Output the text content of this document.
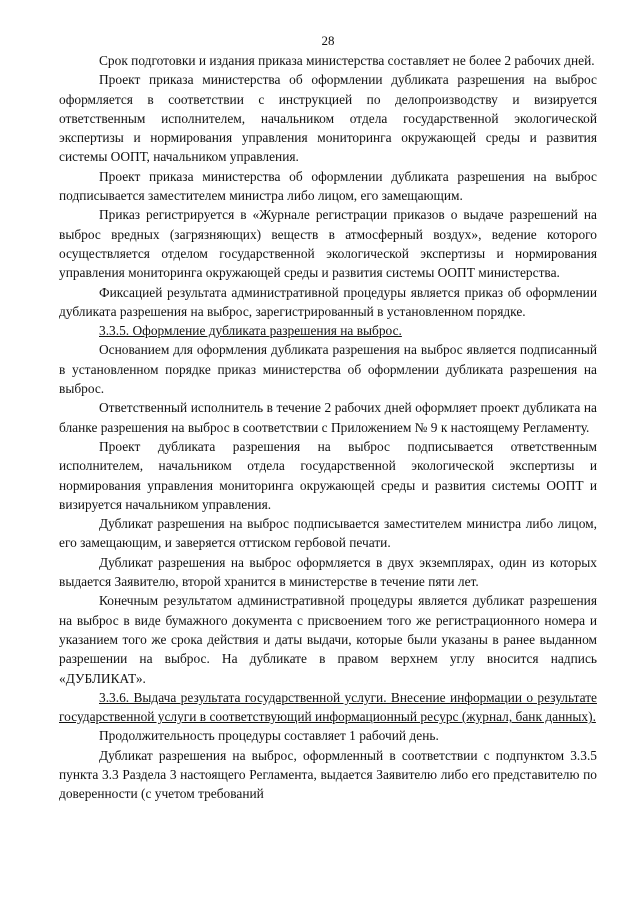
28

Срок подготовки и издания приказа министерства составляет не более 2 рабочих дней.

Проект приказа министерства об оформлении дубликата разрешения на выброс оформляется в соответствии с инструкцией по делопроизводству и визируется ответственным исполнителем, начальником отдела государственной экологической экспертизы и нормирования управления мониторинга окружающей среды и развития системы ООПТ, начальником управления.

Проект приказа министерства об оформлении дубликата разрешения на выброс подписывается заместителем министра либо лицом, его замещающим.

Приказ регистрируется в «Журнале регистрации приказов о выдаче разрешений на выброс вредных (загрязняющих) веществ в атмосферный воздух», ведение которого осуществляется отделом государственной экологической экспертизы и нормирования управления мониторинга окружающей среды и развития системы ООПТ министерства.

Фиксацией результата административной процедуры является приказ об оформлении дубликата разрешения на выброс, зарегистрированный в установленном порядке.

3.3.5. Оформление дубликата разрешения на выброс.

Основанием для оформления дубликата разрешения на выброс является подписанный в установленном порядке приказ министерства об оформлении дубликата разрешения на выброс.

Ответственный исполнитель в течение 2 рабочих дней оформляет проект дубликата на бланке разрешения на выброс в соответствии с Приложением № 9 к настоящему Регламенту.

Проект дубликата разрешения на выброс подписывается ответственным исполнителем, начальником отдела государственной экологической экспертизы и нормирования управления мониторинга окружающей среды и развития системы ООПТ и визируется начальником управления.

Дубликат разрешения на выброс подписывается заместителем министра либо лицом, его замещающим, и заверяется оттиском гербовой печати.

Дубликат разрешения на выброс оформляется в двух экземплярах, один из которых выдается Заявителю, второй хранится в министерстве в течение пяти лет.

Конечным результатом административной процедуры является дубликат разрешения на выброс в виде бумажного документа с присвоением того же регистрационного номера и указанием того же срока действия и даты выдачи, которые были указаны в ранее выданном разрешении на выброс. На дубликате в правом верхнем углу вносится надпись «ДУБЛИКАТ».

3.3.6. Выдача результата государственной услуги. Внесение информации о результате государственной услуги в соответствующий информационный ресурс (журнал, банк данных).

Продолжительность процедуры составляет 1 рабочий день.

Дубликат разрешения на выброс, оформленный в соответствии с подпунктом 3.3.5 пункта 3.3 Раздела 3 настоящего Регламента, выдается Заявителю либо его представителю по доверенности (с учетом требований
